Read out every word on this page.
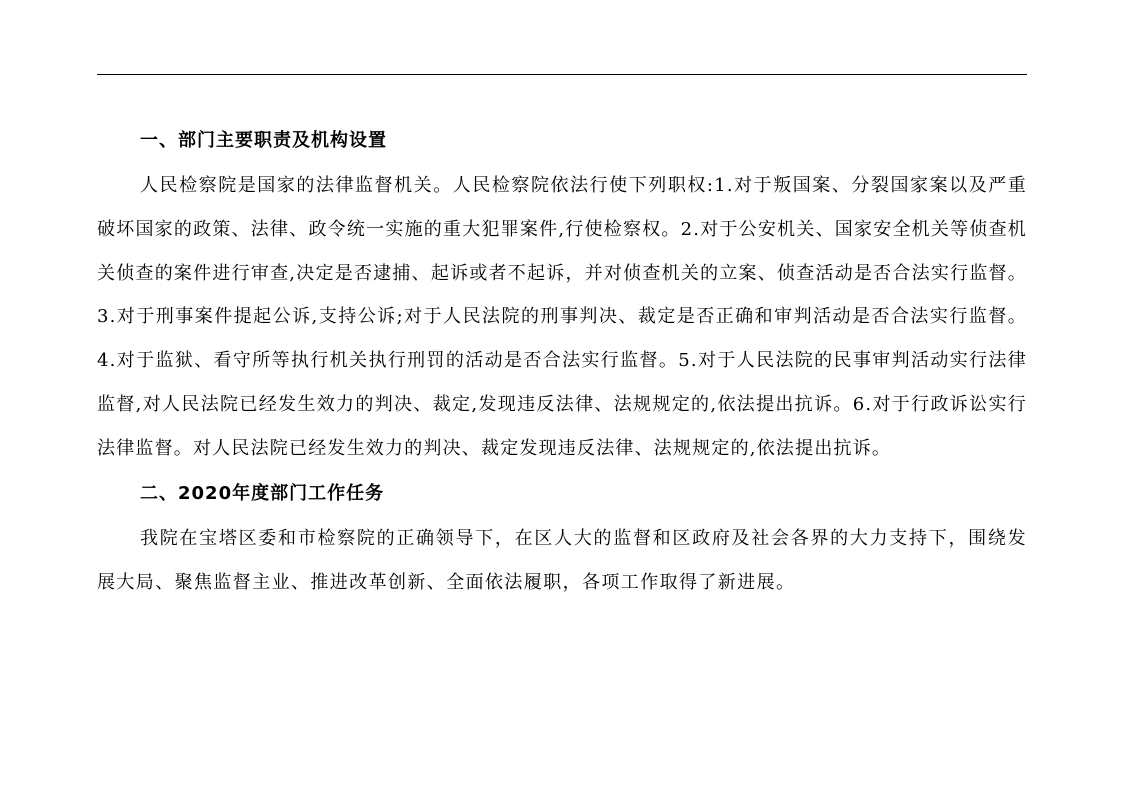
一、部门主要职责及机构设置

人民检察院是国家的法律监督机关。人民检察院依法行使下列职权:1.对于叛国案、分裂国家案以及严重破坏国家的政策、法律、政令统一实施的重大犯罪案件,行使检察权。2.对于公安机关、国家安全机关等侦查机关侦查的案件进行审查,决定是否逮捕、起诉或者不起诉，并对侦查机关的立案、侦查活动是否合法实行监督。3.对于刑事案件提起公诉,支持公诉;对于人民法院的刑事判决、裁定是否正确和审判活动是否合法实行监督。4.对于监狱、看守所等执行机关执行刑罚的活动是否合法实行监督。5.对于人民法院的民事审判活动实行法律监督,对人民法院已经发生效力的判决、裁定,发现违反法律、法规规定的,依法提出抗诉。6.对于行政诉讼实行法律监督。对人民法院已经发生效力的判决、裁定发现违反法律、法规规定的,依法提出抗诉。

二、2020年度部门工作任务

我院在宝塔区委和市检察院的正确领导下，在区人大的监督和区政府及社会各界的大力支持下，围绕发展大局、聚焦监督主业、推进改革创新、全面依法履职，各项工作取得了新进展。
